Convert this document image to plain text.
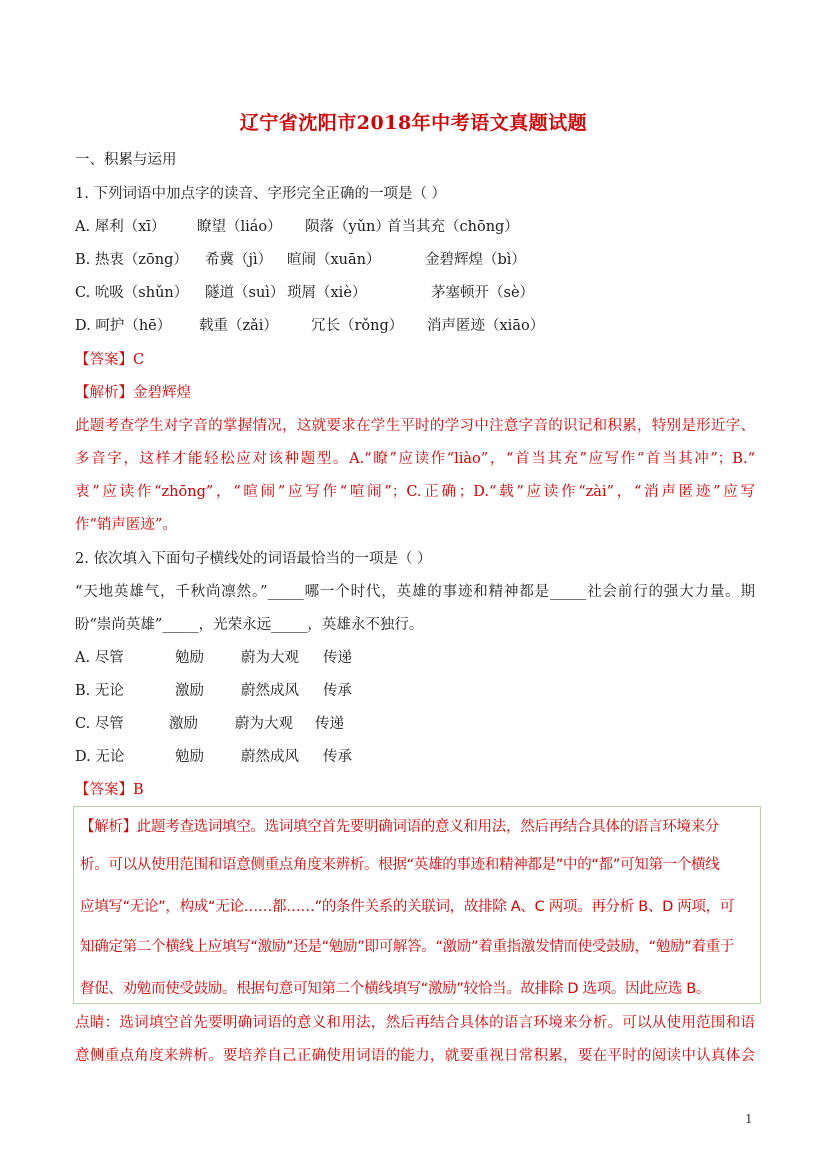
辽宁省沈阳市2018年中考语文真题试题
一、积累与运用
1. 下列词语中加点字的读音、字形完全正确的一项是（ ）
A. 犀利（xī） 瞭望（liáo） 陨落（yǔn）首当其充（chōng）
B. 热衷（zōng） 希冀（jì） 暄闹（xuān）	金碧辉煌（bì）
C. 吮吸（shǔn） 隧道（suì） 琐屑（xiè）	茅塞顿开（sè）
D. 呵护（hē） 载重（zǎi） 冗长（rǒng） 消声匿迹（xiāo）
【答案】C
【解析】金碧辉煌
此题考查学生对字音的掌握情况，这就要求在学生平时的学习中注意字音的识记和积累，特别是形近字、
多音字，这样才能轻松应对该种题型。A.“瞭”应读作“liào”，“首当其充”应写作“首当其冲”；B.“
衷”应读作“zhōng”，“暄闹”应写作“喧闹”；C.正确；D.“载”应读作“zài”，“消声匿迹”应写
作“销声匿迹”。
2. 依次填入下面句子横线处的词语最恰当的一项是（ ）
“天地英雄气，千秋尚凛然。”_____哪一个时代，英雄的事迹和精神都是_____社会前行的强大力量。期
盼“崇尚英雄”_____，光荣永远_____，英雄永不独行。
A. 尽管	勉励	蔚为大观 传递
B. 无论	激励	蔚然成风 传承
C. 尽管	激励	蔚为大观 传递
D. 无论	勉励	蔚然成风 传承
【答案】B
【解析】此题考查选词填空。选词填空首先要明确词语的意义和用法，然后再结合具体的语言环境来分
析。可以从使用范围和语意侧重点角度来辨析。根据“英雄的事迹和精神都是”中的“都”可知第一个横线
应填写“无论”，构成“无论……都……”的条件关系的关联词，故排除 A、C 两项。再分析 B、D 两项，可
知确定第二个横线上应填写“激励”还是“勉励”即可解答。“激励”着重指激发情而使受鼓励，“勉励”着重于
督促、劝勉而使受鼓励。根据句意可知第二个横线填写“激励”较恰当。故排除 D 选项。因此应选 B。
点睛：选词填空首先要明确词语的意义和用法，然后再结合具体的语言环境来分析。可以从使用范围和语
意侧重点角度来辨析。要培养自己正确使用词语的能力，就要重视日常积累，要在平时的阅读中认真体会
1
